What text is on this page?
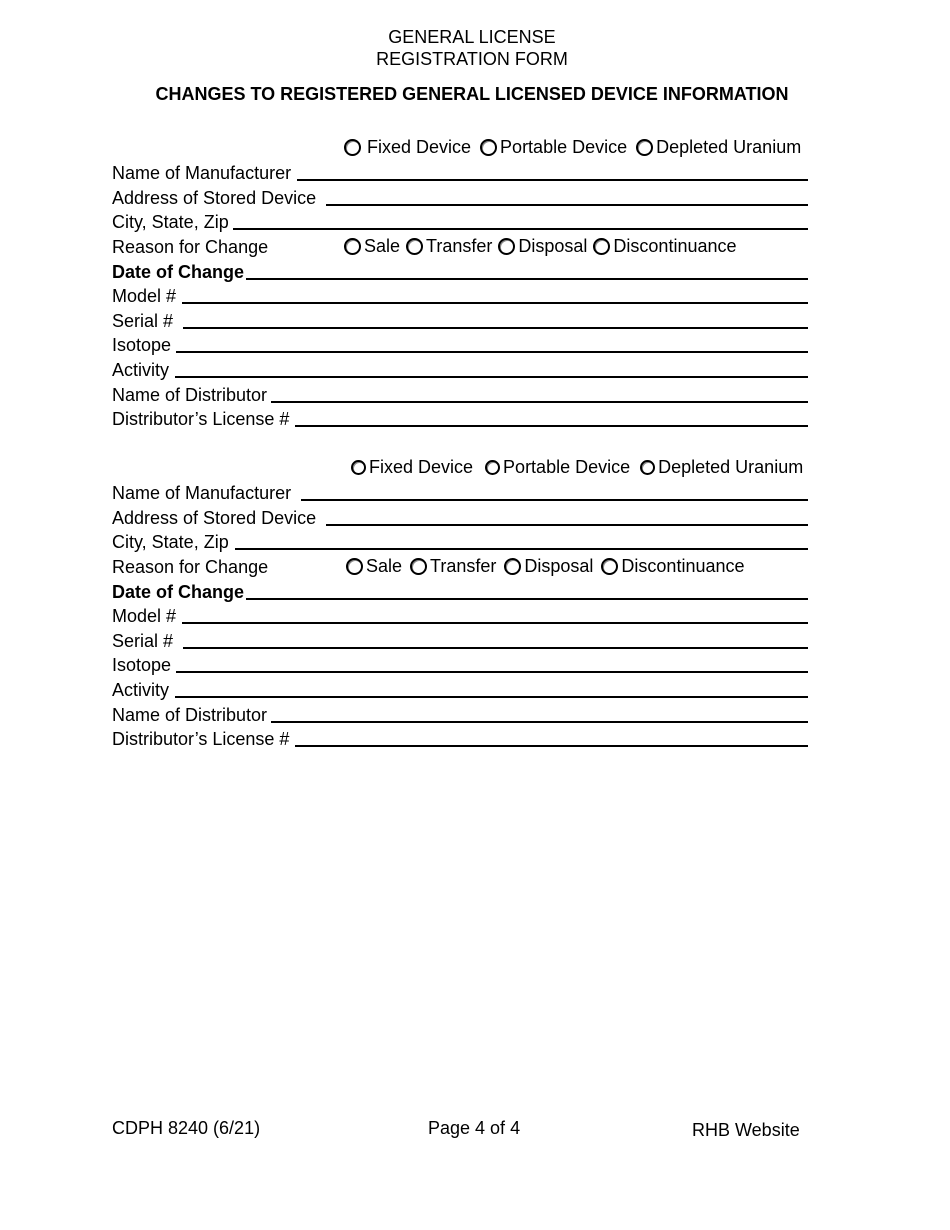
GENERAL LICENSE
REGISTRATION FORM
CHANGES TO REGISTERED GENERAL LICENSED DEVICE INFORMATION
Fixed Device Portable Device Depleted Uranium
Name of Manufacturer
Address of Stored Device
City, State, Zip
Reason for Change	Sale Transfer Disposal Discontinuance
Date of Change
Model #
Serial #
Isotope
Activity
Name of Distributor
Distributor’s License #
Fixed Device Portable Device Depleted Uranium
Name of Manufacturer
Address of Stored Device
City, State, Zip
Reason for Change	Sale Transfer Disposal Discontinuance
Date of Change
Model #
Serial #
Isotope
Activity
Name of Distributor
Distributor’s License #
CDPH 8240 (6/21)	Page 4 of 4	RHB Website
